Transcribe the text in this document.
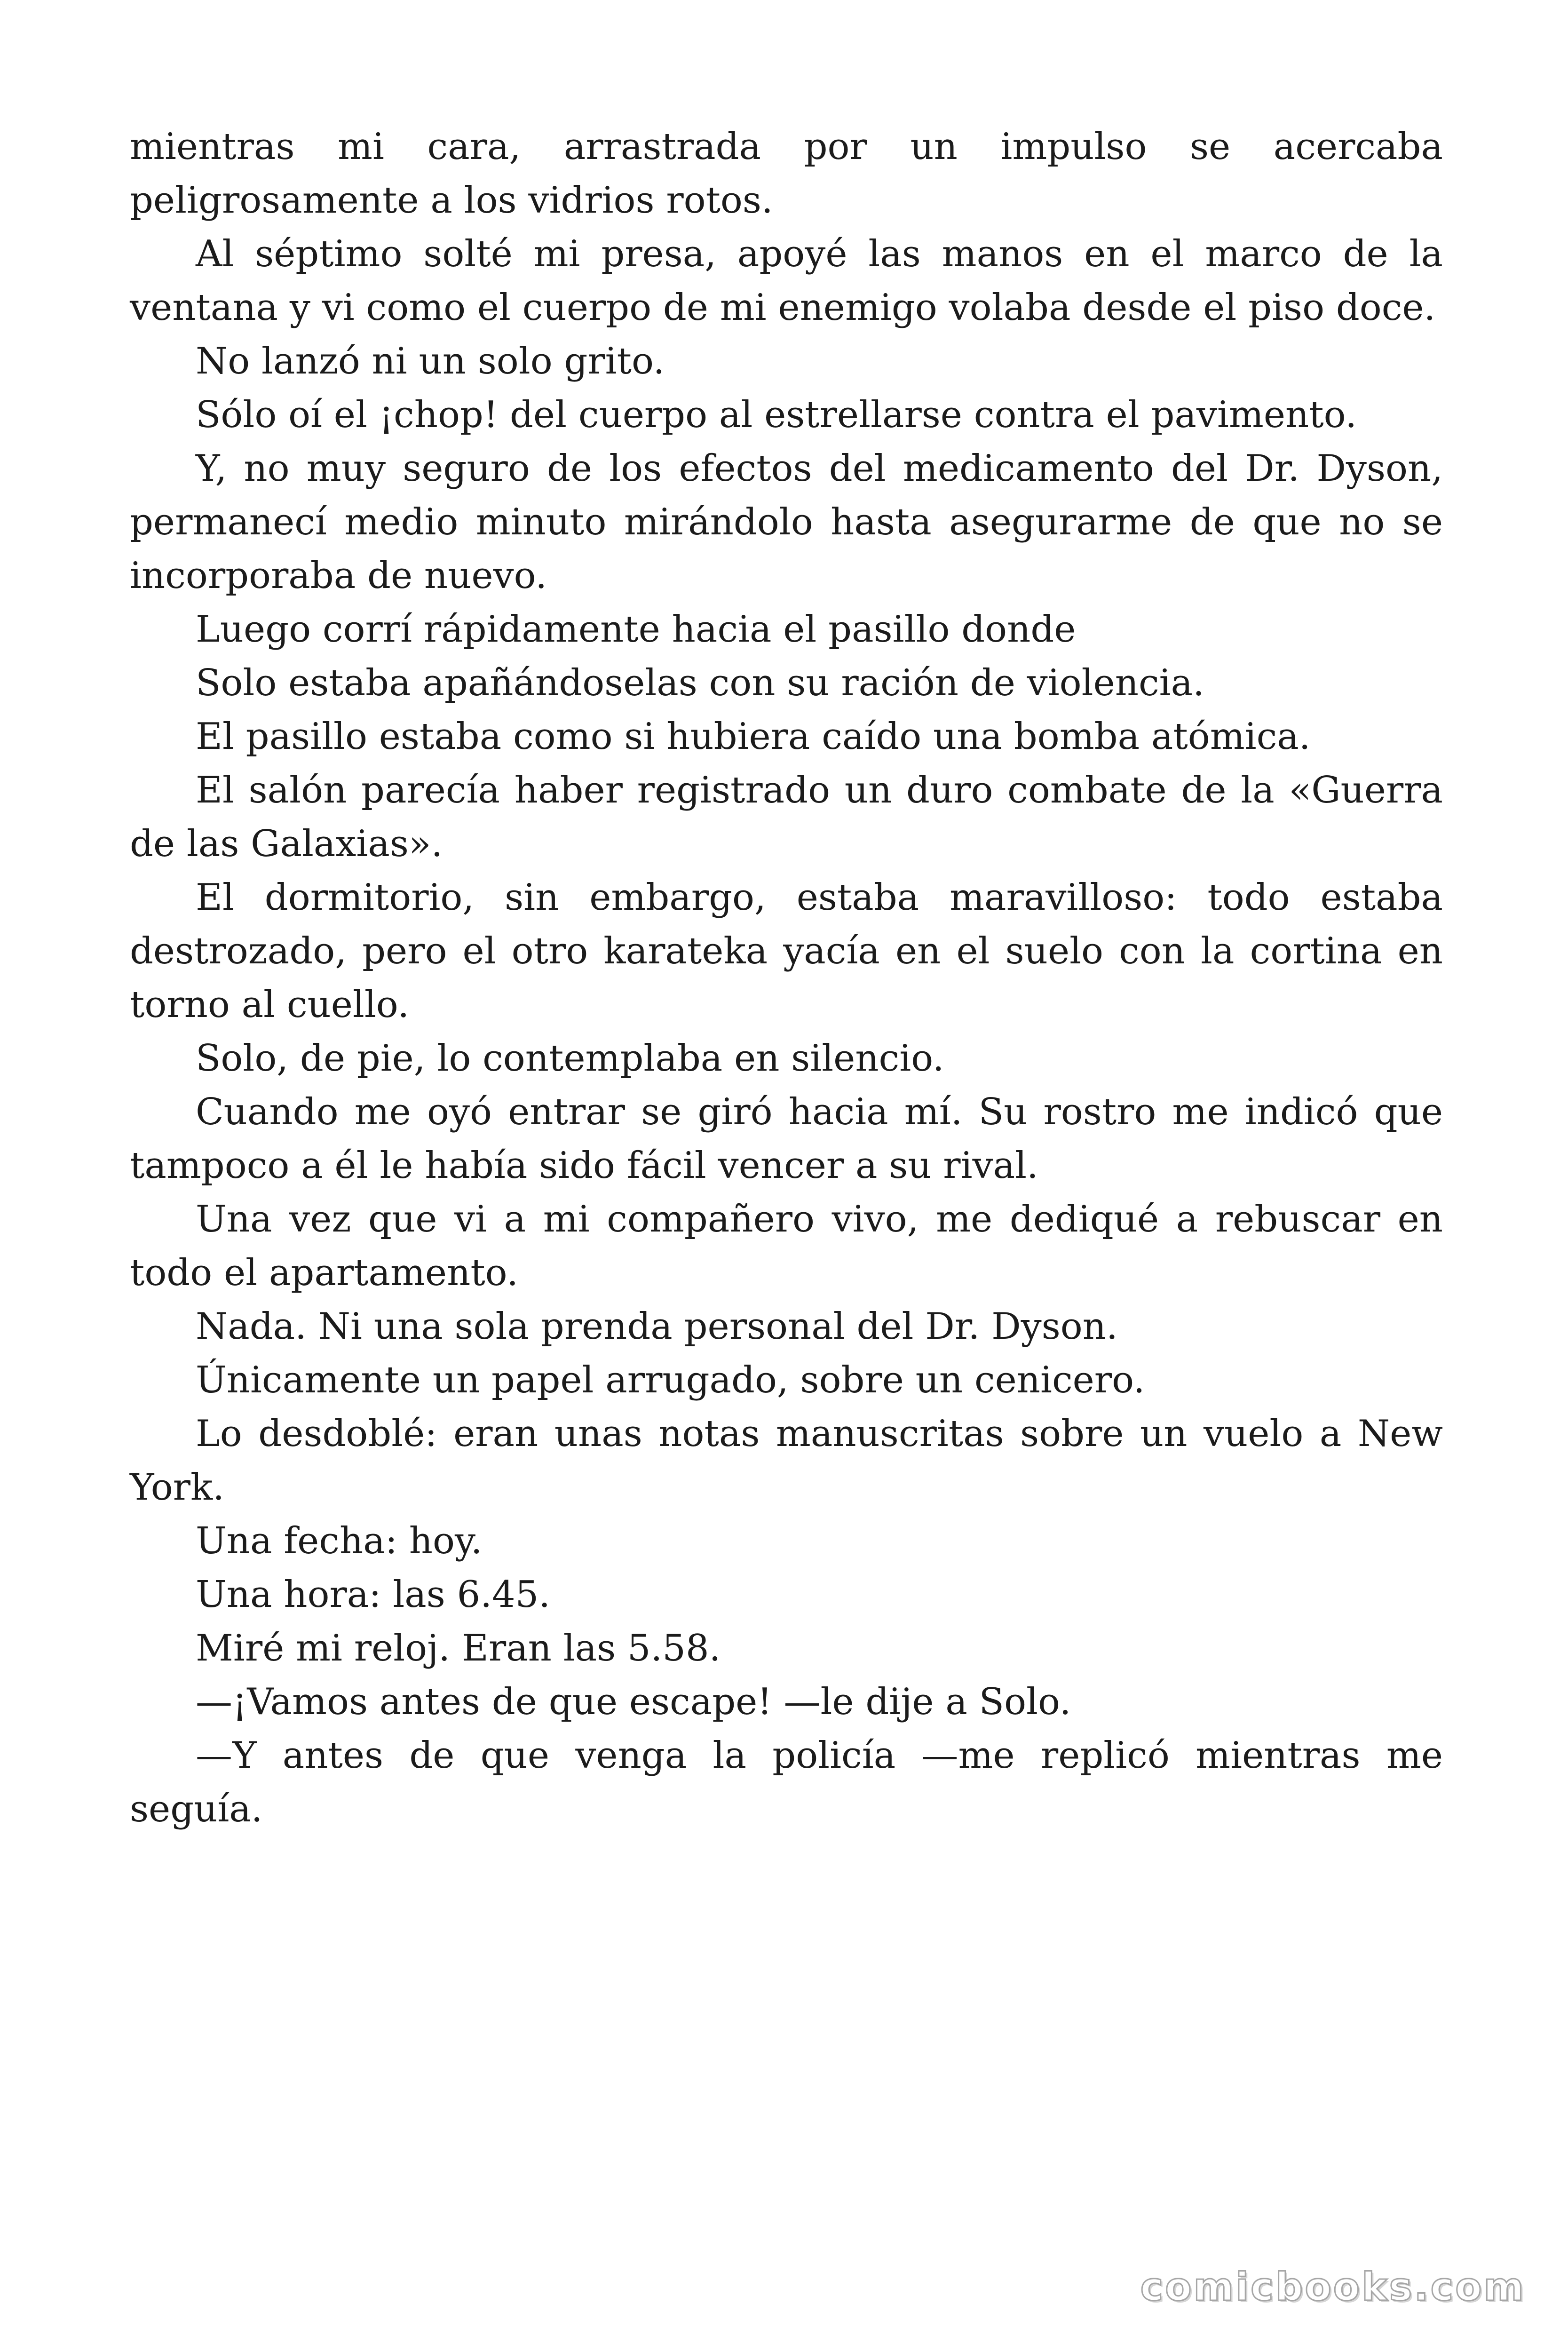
mientras mi cara, arrastrada por un impulso se acercaba peligrosamente a los vidrios rotos.

Al séptimo solté mi presa, apoyé las manos en el marco de la ventana y vi como el cuerpo de mi enemigo volaba desde el piso doce.

No lanzó ni un solo grito.

Sólo oí el ¡chop! del cuerpo al estrellarse contra el pavimento.

Y, no muy seguro de los efectos del medicamento del Dr. Dyson, permanecí medio minuto mirándolo hasta asegurarme de que no se incorporaba de nuevo.

Luego corrí rápidamente hacia el pasillo donde

Solo estaba apañándoselas con su ración de violencia.

El pasillo estaba como si hubiera caído una bomba atómica.

El salón parecía haber registrado un duro combate de la «Guerra de las Galaxias».

El dormitorio, sin embargo, estaba maravilloso: todo estaba destrozado, pero el otro karateka yacía en el suelo con la cortina en torno al cuello.

Solo, de pie, lo contemplaba en silencio.

Cuando me oyó entrar se giró hacia mí. Su rostro me indicó que tampoco a él le había sido fácil vencer a su rival.

Una vez que vi a mi compañero vivo, me dediqué a rebuscar en todo el apartamento.

Nada. Ni una sola prenda personal del Dr. Dyson.

Únicamente un papel arrugado, sobre un cenicero.

Lo desdoblé: eran unas notas manuscritas sobre un vuelo a New York.

Una fecha: hoy.

Una hora: las 6.45.

Miré mi reloj. Eran las 5.58.

—¡Vamos antes de que escape! —le dije a Solo.

—Y antes de que venga la policía —me replicó mientras me seguía.

comicbooks.com
